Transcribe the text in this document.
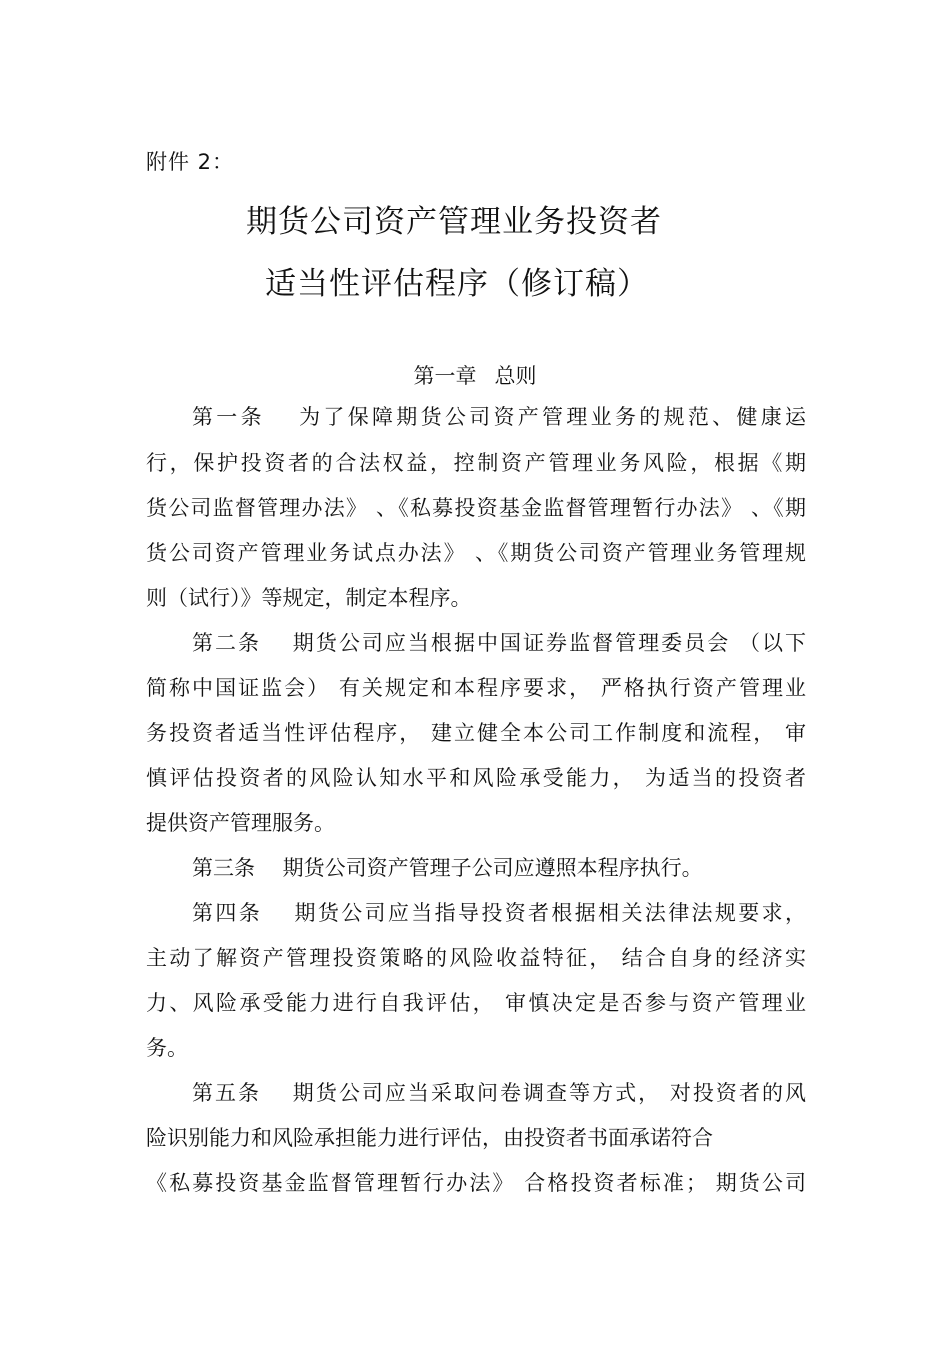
附件 2：
期货公司资产管理业务投资者
适当性评估程序（修订稿）
第一章 总则
第一条　 为了保障期货公司资产管理业务的规范、健康运
行，保护投资者的合法权益，控制资产管理业务风险，根据《期
货公司监督管理办法》 、《私募投资基金监督管理暂行办法》 、《期
货公司资产管理业务试点办法》 、《期货公司资产管理业务管理规
则（试行）》等规定，制定本程序。
第二条　 期货公司应当根据中国证券监督管理委员会 （以下
简称中国证监会） 有关规定和本程序要求， 严格执行资产管理业
务投资者适当性评估程序， 建立健全本公司工作制度和流程， 审
慎评估投资者的风险认知水平和风险承受能力， 为适当的投资者
提供资产管理服务。
第三条　 期货公司资产管理子公司应遵照本程序执行。
第四条　 期货公司应当指导投资者根据相关法律法规要求，
主动了解资产管理投资策略的风险收益特征， 结合自身的经济实
力、风险承受能力进行自我评估， 审慎决定是否参与资产管理业
务。
第五条　 期货公司应当采取问卷调查等方式， 对投资者的风
险识别能力和风险承担能力进行评估，由投资者书面承诺符合
《私募投资基金监督管理暂行办法》 合格投资者标准； 期货公司
